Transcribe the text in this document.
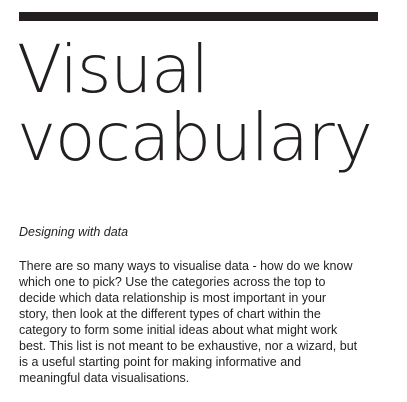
Visual
vocabulary

Designing with data

There are so many ways to visualise data - how do we know which one to pick? Use the categories across the top to decide which data relationship is most important in your story, then look at the different types of chart within the category to form some initial ideas about what might work best. This list is not meant to be exhaustive, nor a wizard, but is a useful starting point for making informative and meaningful data visualisations.
